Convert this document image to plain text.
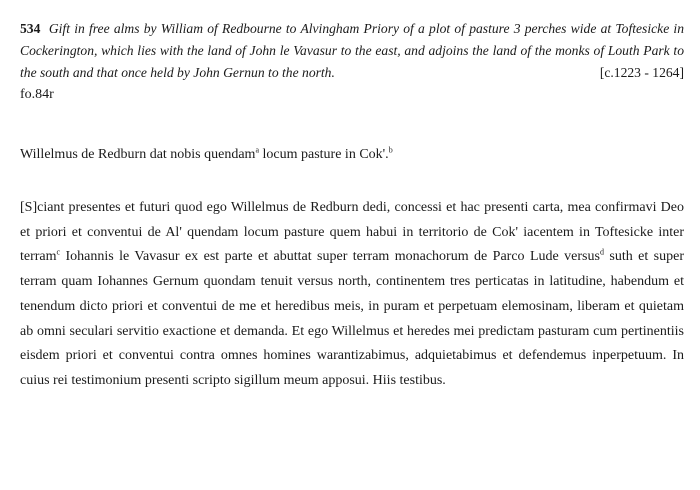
534 Gift in free alms by William of Redbourne to Alvingham Priory of a plot of pasture 3 perches wide at Toftesicke in Cockerington, which lies with the land of John le Vavasur to the east, and adjoins the land of the monks of Louth Park to the south and that once held by John Gernun to the north.	[c.1223 - 1264]
fo.84r
Willelmus de Redburn dat nobis quendam$^a$ locum pasture in Cok'.$^b$
[S]ciant presentes et futuri quod ego Willelmus de Redburn dedi, concessi et hac presenti carta, mea confirmavi Deo et priori et conventui de Al' quendam locum pasture quem habui in territorio de Cok' iacentem in Toftesicke inter terram$^c$ Iohannis le Vavasur ex est parte et abuttat super terram monachorum de Parco Lude versus$^d$ suth et super terram quam Iohannes Gernum quondam tenuit versus north, continentem tres perticatas in latitudine, habendum et tenendum dicto priori et conventui de me et heredibus meis, in puram et perpetuam elemosinam, liberam et quietam ab omni seculari servitio exactione et demanda. Et ego Willelmus et heredes mei predictam pasturam cum pertinentiis eisdem priori et conventui contra omnes homines warantizabimus, adquietabimus et defendemus inperpetuum. In cuius rei testimonium presenti scripto sigillum meum apposui. Hiis testibus.
